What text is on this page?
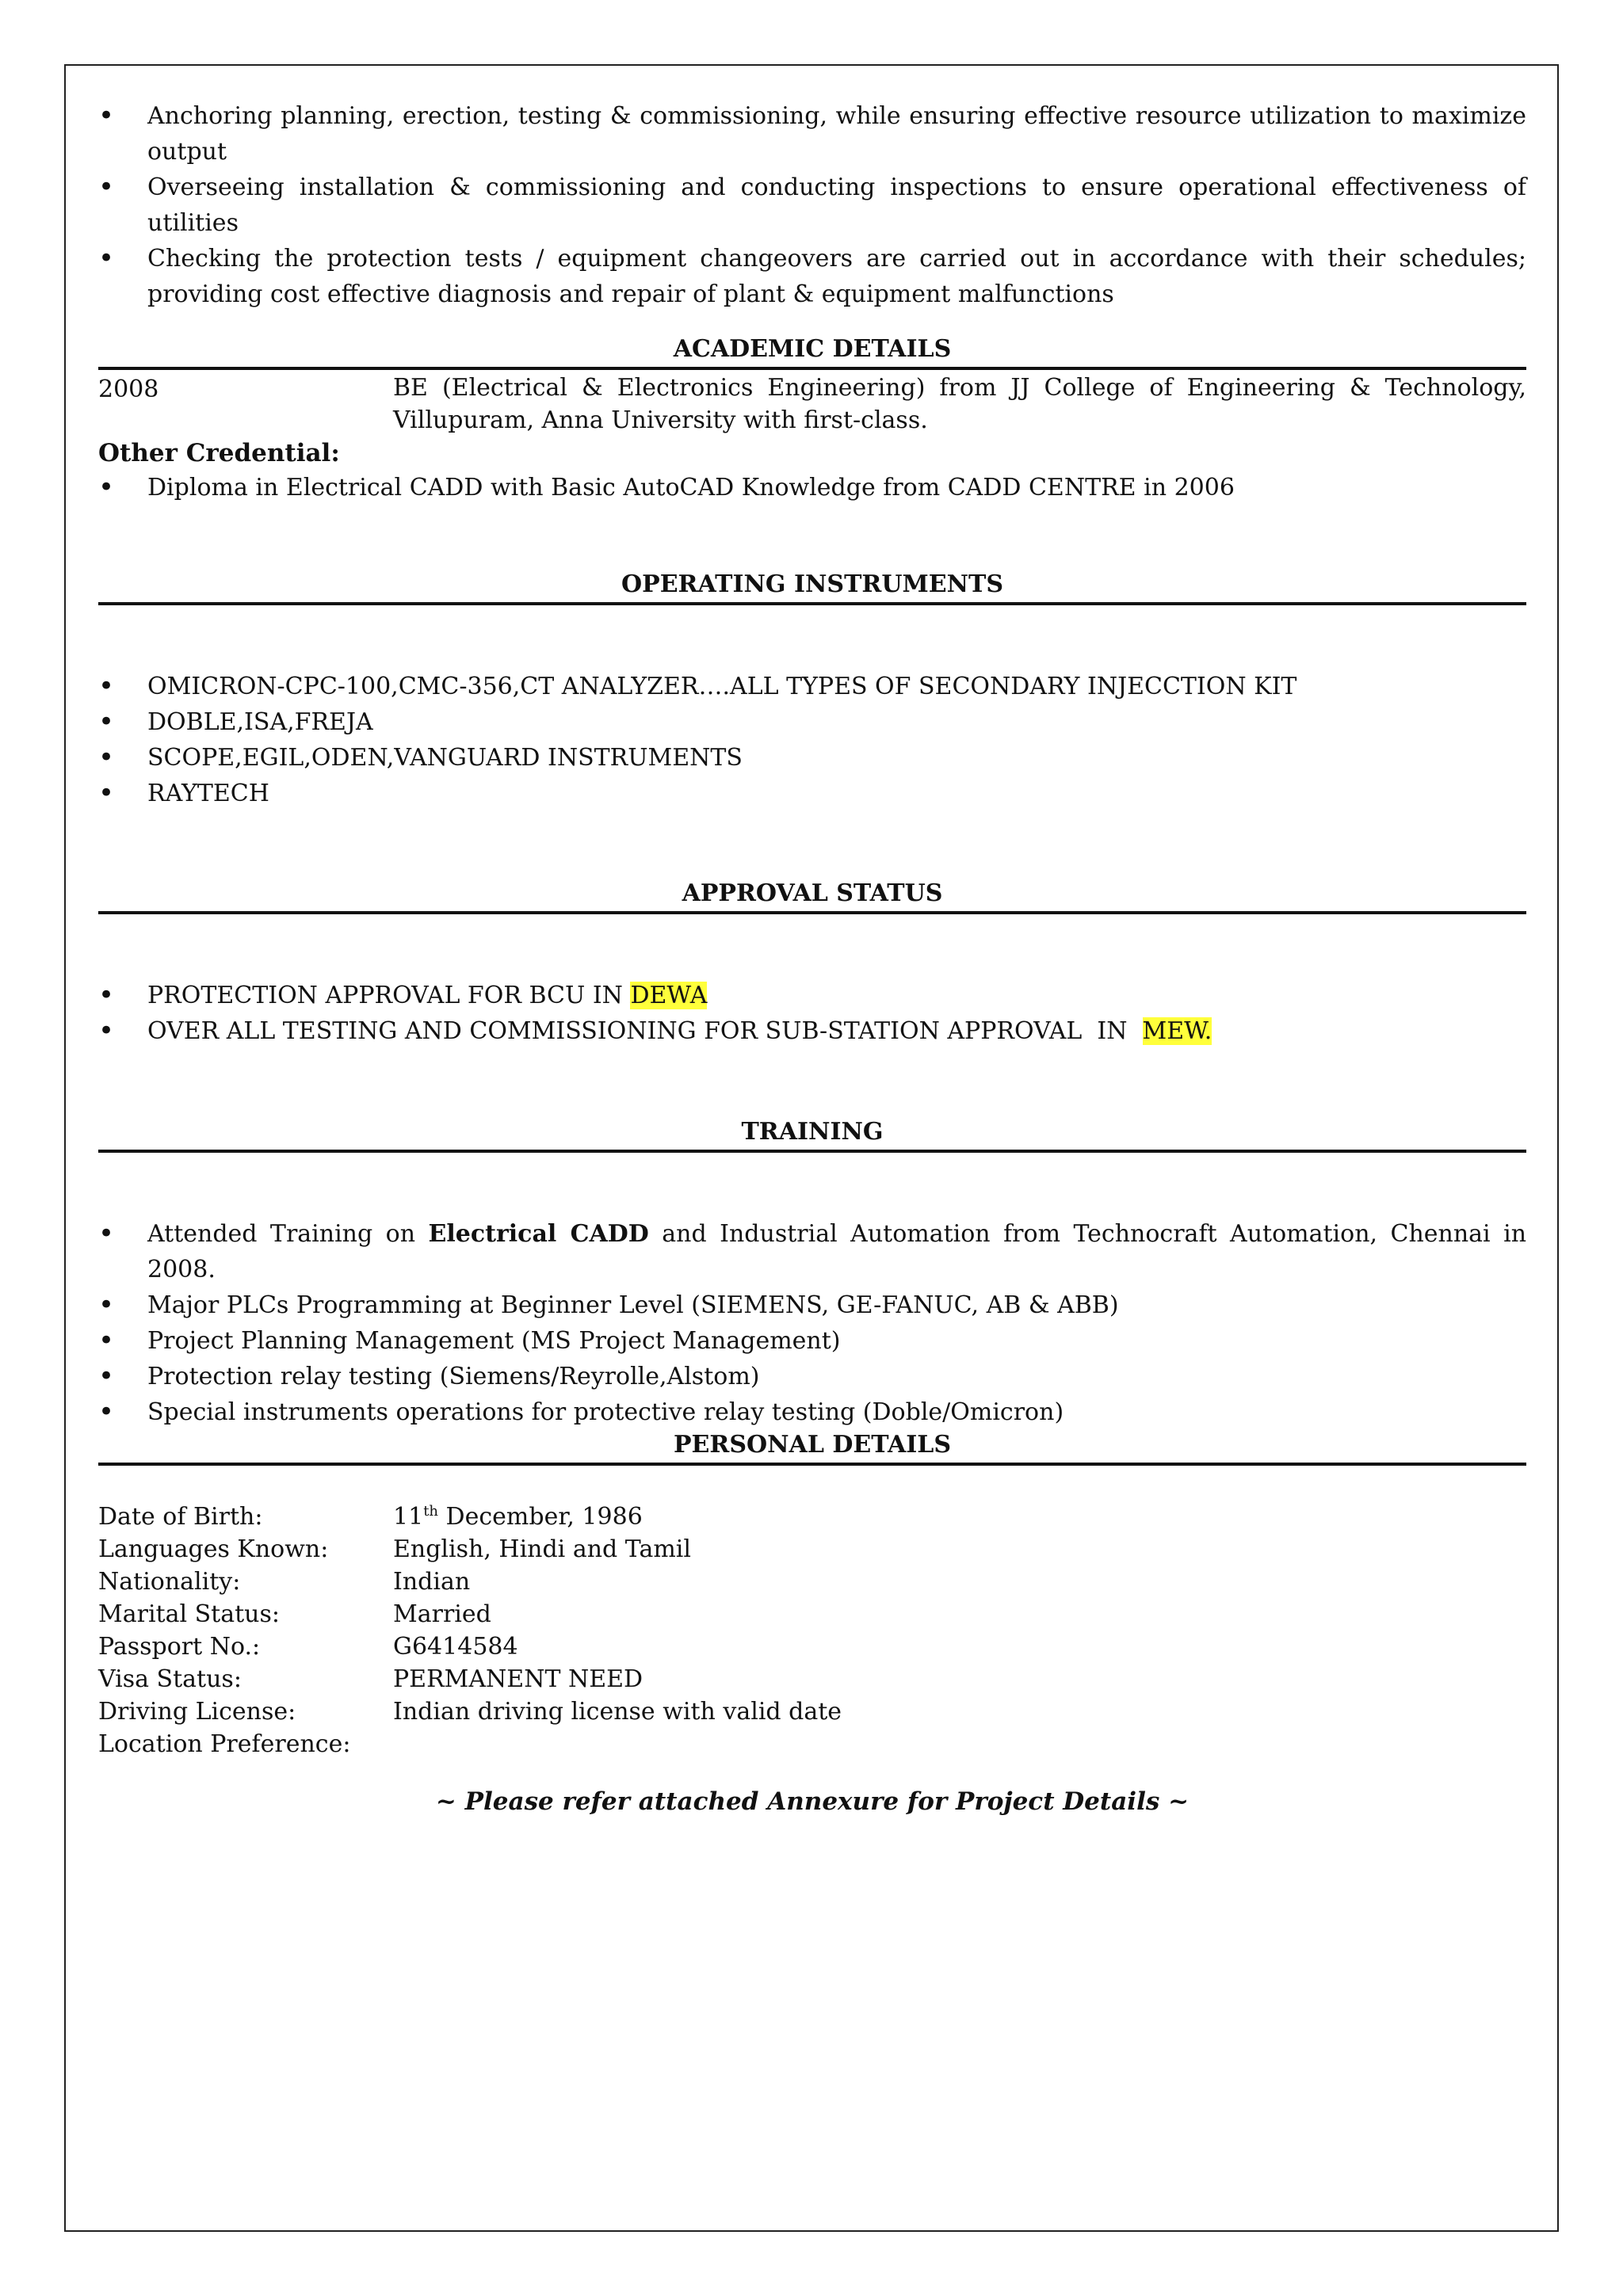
• Anchoring planning, erection, testing & commissioning, while ensuring effective resource utilization to maximize output
• Overseeing installation & commissioning and conducting inspections to ensure operational effectiveness of utilities
• Checking the protection tests / equipment changeovers are carried out in accordance with their schedules; providing cost effective diagnosis and repair of plant & equipment malfunctions
ACADEMIC DETAILS
2008	BE (Electrical & Electronics Engineering) from JJ College of Engineering & Technology, Villupuram, Anna University with first-class.
Other Credential:
• Diploma in Electrical CADD with Basic AutoCAD Knowledge from CADD CENTRE in 2006
OPERATING INSTRUMENTS
• OMICRON-CPC-100,CMC-356,CT ANALYZER….ALL TYPES OF SECONDARY INJECCTION KIT
• DOBLE,ISA,FREJA
• SCOPE,EGIL,ODEN,VANGUARD INSTRUMENTS
• RAYTECH
APPROVAL STATUS
• PROTECTION APPROVAL FOR BCU IN DEWA
• OVER ALL TESTING AND COMMISSIONING FOR SUB-STATION APPROVAL  IN  MEW.
TRAINING
• Attended Training on Electrical CADD and Industrial Automation from Technocraft Automation, Chennai in 2008.
• Major PLCs Programming at Beginner Level (SIEMENS, GE-FANUC, AB & ABB)
• Project Planning Management (MS Project Management)
• Protection relay testing (Siemens/Reyrolle,Alstom)
• Special instruments operations for protective relay testing (Doble/Omicron)
PERSONAL DETAILS
Date of Birth:	11th December, 1986
Languages Known:	English, Hindi and Tamil
Nationality:	Indian
Marital Status:	Married
Passport No.:	G6414584
Visa Status:	PERMANENT NEED
Driving License:	Indian driving license with valid date
Location Preference:
~ Please refer attached Annexure for Project Details ~
